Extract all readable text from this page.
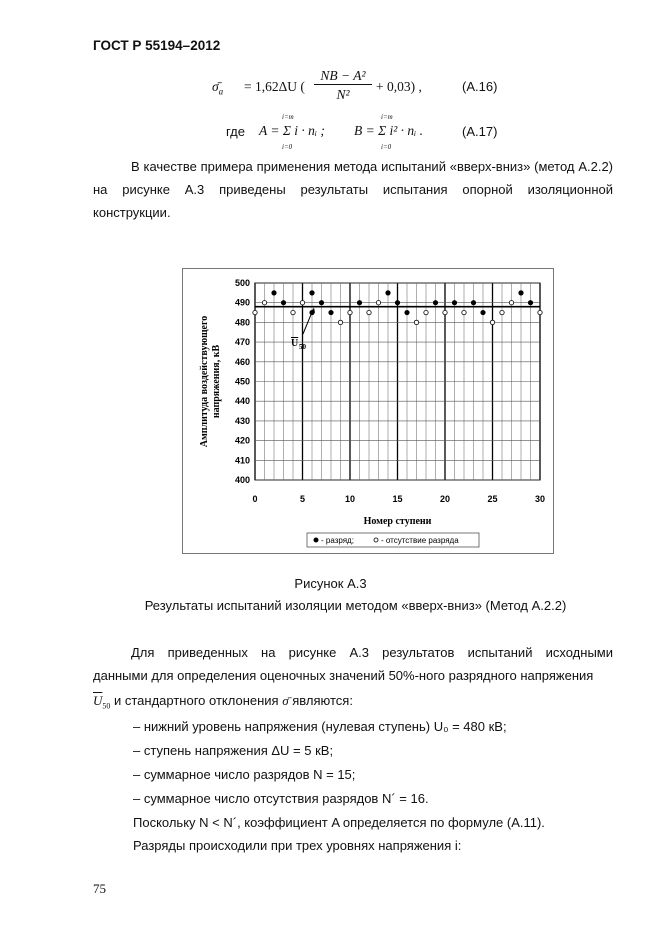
ГОСТ Р 55194–2012
$\sigmā_a = 1,62\Delta U$ (
NB − A²
N²
+ 0,03) ,	(А.16)
где
i=m
i=0
A = Σ i · nᵢ ;
i=m
i=0
B = Σ i² · nᵢ .	(А.17)
В качестве примера применения метода испытаний «вверх-вниз» (метод А.2.2) на рисунке А.3 приведены результаты испытания опорной изоляционной конструкции.
400
410
420
430
440
450
460
470
480
490
500
0	5	10	15	20	25	30
Номер ступени
Амплитуда воздействующегонапряжения, кВ
U 50
- разряд;	- отсутствие разряда
Рисунок А.3
Результаты испытаний изоляции методом «вверх-вниз» (Метод А.2.2)
Для приведенных на рисунке А.3 результатов испытаний исходными
данными для определения оценочных значений 50%-ного разрядного напряжения
$\overline{U}_{50}$ и стандартного отклонения σ̄ являются:
– нижний уровень напряжения (нулевая ступень) U₀ = 480 кВ;
– ступень напряжения ΔU = 5 кВ;
– суммарное число разрядов N = 15;
– суммарное число отсутствия разрядов N´ = 16.
Поскольку N < N´, коэффициент A определяется по формуле (А.11).
Разряды происходили при трех уровнях напряжения i:
75
